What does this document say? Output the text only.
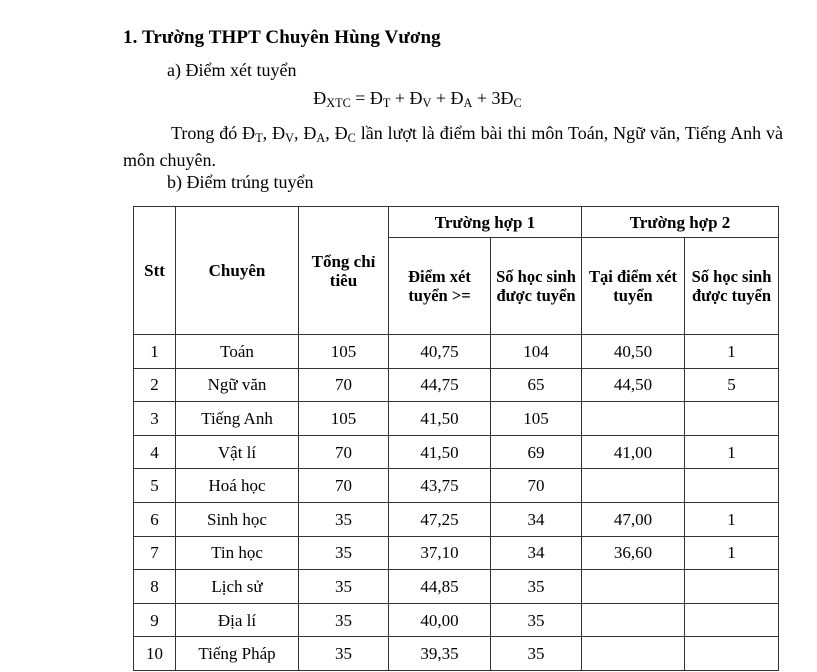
1. Trường THPT Chuyên Hùng Vương
a) Điểm xét tuyển
$Đ_{XTC}$ = $Đ_T$ + $Đ_V$ + $Đ_A$ + $3Đ_C$
Trong đó $Đ_T$, $Đ_V$, $Đ_A$, $Đ_C$ lần lượt là điểm bài thi môn Toán, Ngữ văn, Tiếng Anh và môn chuyên.
b) Điểm trúng tuyển
Stt	Chuyên	Tổng chỉ tiêu	Trường hợp 1		Trường hợp 2	
			Điểm xét tuyển >=	Số học sinh được tuyển	Tại điểm xét tuyển	Số học sinh được tuyển
1	Toán	105	40,75	104	40,50	1
2	Ngữ văn	70	44,75	65	44,50	5
3	Tiếng Anh	105	41,50	105		
4	Vật lí	70	41,50	69	41,00	1
5	Hoá học	70	43,75	70		
6	Sinh học	35	47,25	34	47,00	1
7	Tin học	35	37,10	34	36,60	1
8	Lịch sử	35	44,85	35		
9	Địa lí	35	40,00	35		
10	Tiếng Pháp	35	39,35	35		
